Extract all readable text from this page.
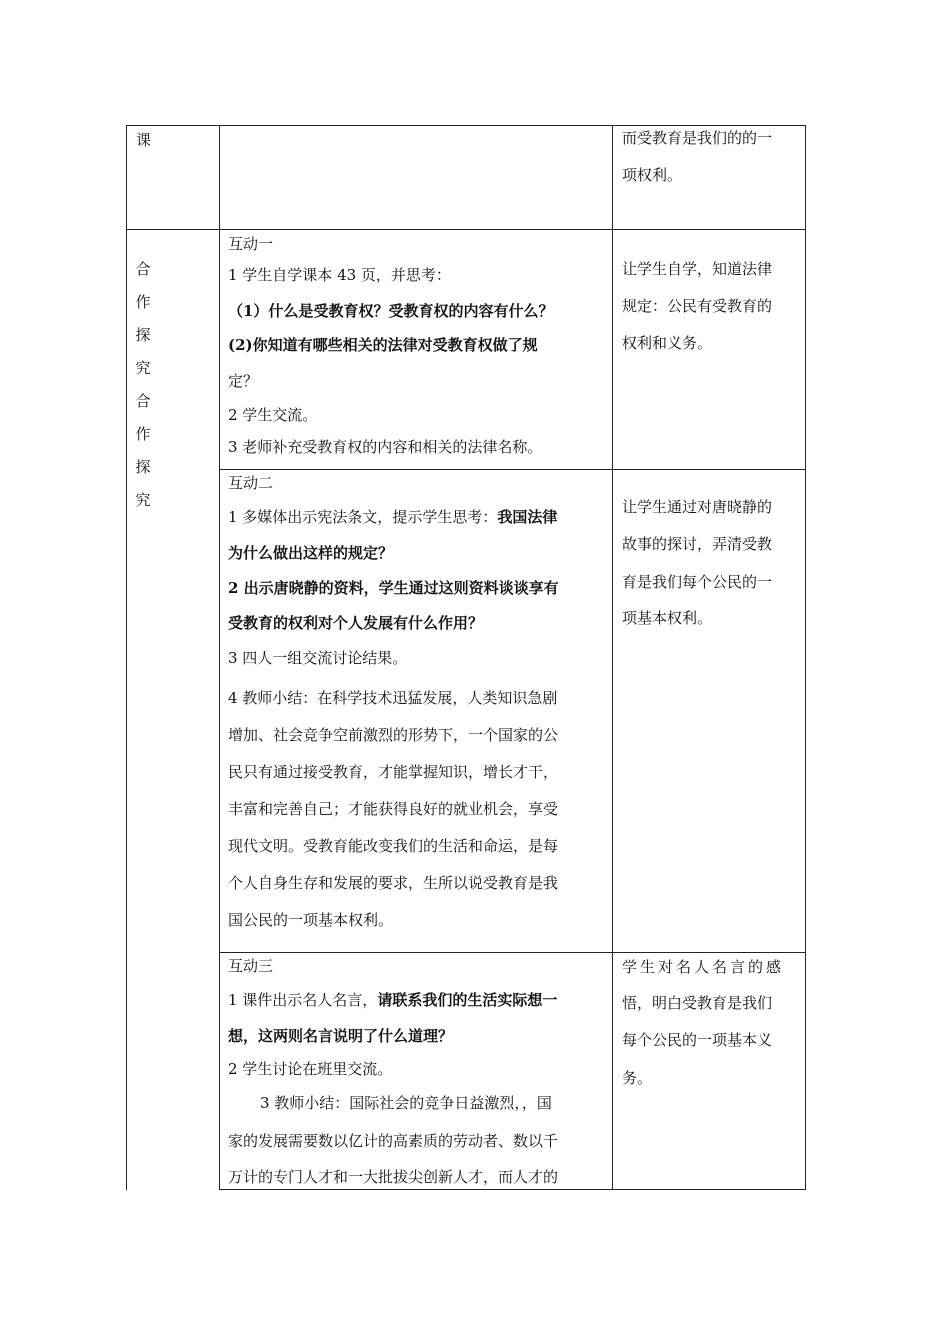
课	而受教育是我们的的一
项权利。
合
作
探
究
合
作
探
究
互动一
1 学生自学课本 43 页，并思考：
（1）什么是受教育权？受教育权的内容有什么？
(2)你知道有哪些相关的法律对受教育权做了规
定？
2 学生交流。
3 老师补充受教育权的内容和相关的法律名称。
让学生自学，知道法律
规定：公民有受教育的
权利和义务。
互动二
1 多媒体出示宪法条文，提示学生思考：我国法律
为什么做出这样的规定？
2 出示唐晓静的资料，学生通过这则资料谈谈享有
受教育的权利对个人发展有什么作用？
3 四人一组交流讨论结果。
4 教师小结：在科学技术迅猛发展，人类知识急剧
增加、社会竞争空前激烈的形势下，一个国家的公
民只有通过接受教育，才能掌握知识，增长才干，
丰富和完善自己；才能获得良好的就业机会，享受
现代文明。受教育能改变我们的生活和命运，是每
个人自身生存和发展的要求，生所以说受教育是我
国公民的一项基本权利。
让学生通过对唐晓静的
故事的探讨，弄清受教
育是我们每个公民的一
项基本权利。
互动三
1 课件出示名人名言，请联系我们的生活实际想一
想，这两则名言说明了什么道理？
2 学生讨论在班里交流。
3 教师小结：国际社会的竞争日益激烈，，国
家的发展需要数以亿计的高素质的劳动者、数以千
万计的专门人才和一大批拔尖创新人才，而人才的
学生对名人名言的感
悟，明白受教育是我们
每个公民的一项基本义
务。
